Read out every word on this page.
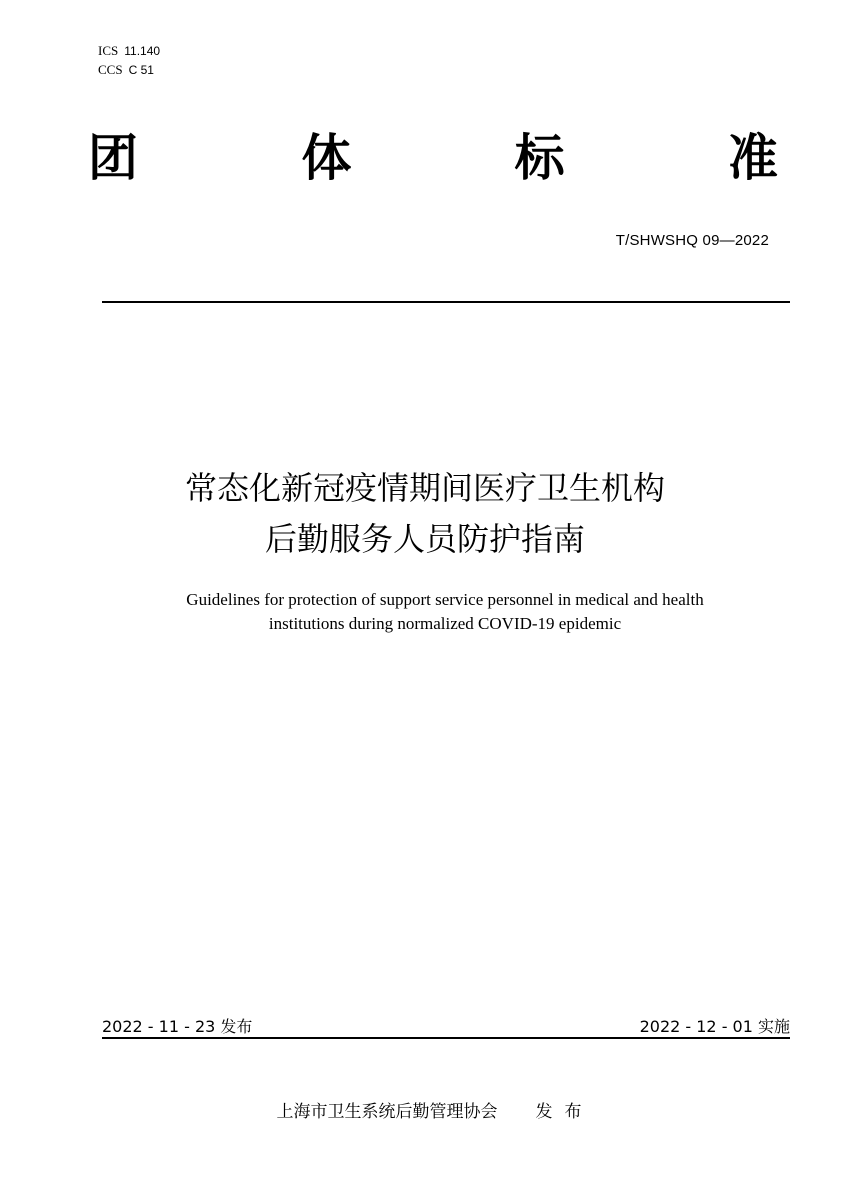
ICS 11.140
CCS C 51
团	体	标	准
T/SHWSHQ 09—2022
常态化新冠疫情期间医疗卫生机构
后勤服务人员防护指南
Guidelines for protection of support service personnel in medical and health
institutions during normalized COVID-19 epidemic
2022 - 11 - 23 发布	2022 - 12 - 01 实施
上海市卫生系统后勤管理协会 发布
